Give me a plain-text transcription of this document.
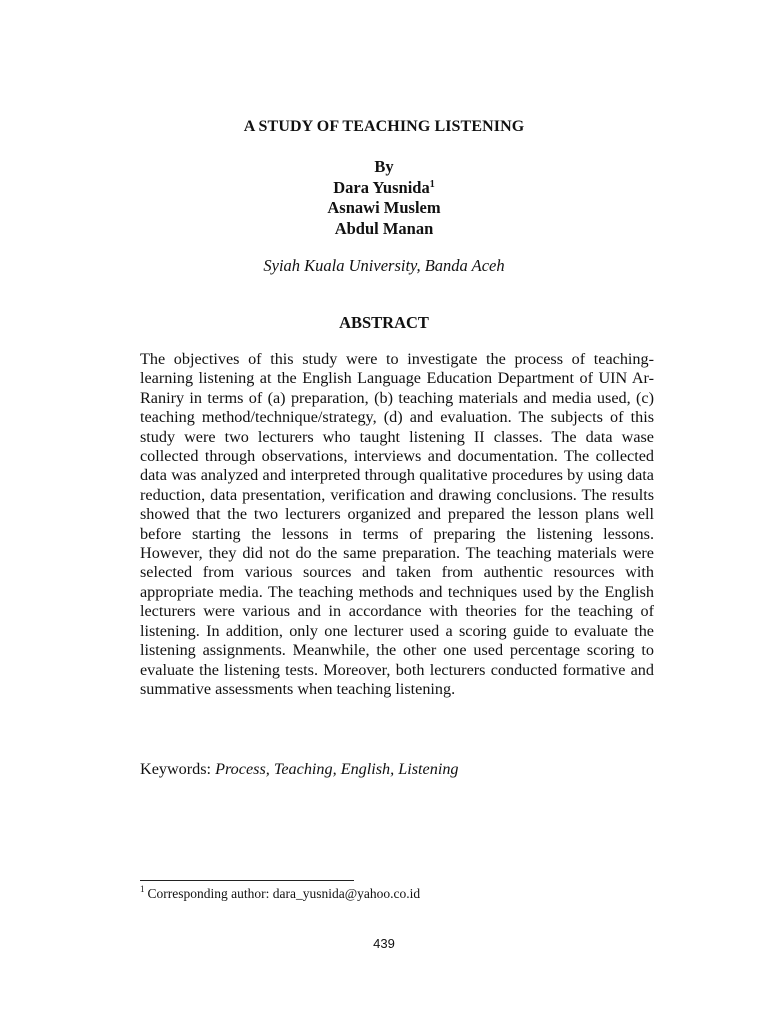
A STUDY OF TEACHING LISTENING
By
Dara Yusnida$^1$
Asnawi Muslem
Abdul Manan
Syiah Kuala University, Banda Aceh
ABSTRACT
The objectives of this study were to investigate the process of teaching-learning listening at the English Language Education Department of UIN Ar-Raniry in terms of (a) preparation, (b) teaching materials and media used, (c) teaching method/technique/strategy, (d) and evaluation. The subjects of this study were two lecturers who taught listening II classes. The data wase collected through observations, interviews and documentation. The collected data was analyzed and interpreted through qualitative procedures by using data reduction, data presentation, verification and drawing conclusions. The results showed that the two lecturers organized and prepared the lesson plans well before starting the lessons in terms of preparing the listening lessons. However, they did not do the same preparation. The teaching materials were selected from various sources and taken from authentic resources with appropriate media. The teaching methods and techniques used by the English lecturers were various and in accordance with theories for the teaching of listening. In addition, only one lecturer used a scoring guide to evaluate the listening assignments. Meanwhile, the other one used percentage scoring to evaluate the listening tests. Moreover, both lecturers conducted formative and summative assessments when teaching listening.
Keywords: Process, Teaching, English, Listening
$^1$ Corresponding author: dara_yusnida@yahoo.co.id
439
